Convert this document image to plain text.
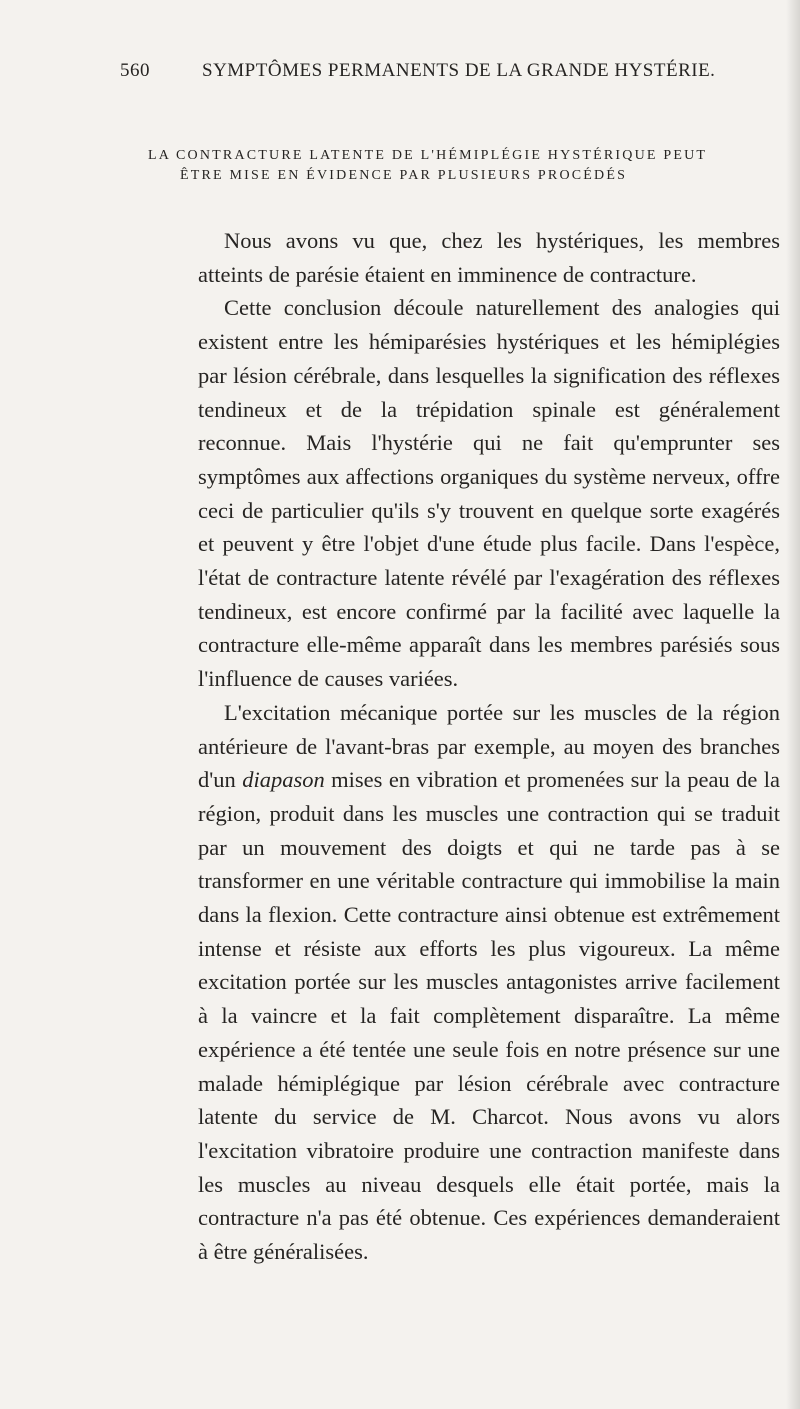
560	SYMPTÔMES PERMANENTS DE LA GRANDE HYSTÉRIE.
LA CONTRACTURE LATENTE DE L'HÉMIPLÉGIE HYSTÉRIQUE PEUT
ÊTRE MISE EN ÉVIDENCE PAR PLUSIEURS PROCÉDÉS

Nous avons vu que, chez les hystériques, les membres atteints de parésie étaient en imminence de contracture.

Cette conclusion découle naturellement des analogies qui existent entre les hémiparésies hystériques et les hémiplégies par lésion cérébrale, dans lesquelles la signification des réflexes tendineux et de la trépidation spinale est généralement reconnue. Mais l'hystérie qui ne fait qu'emprunter ses symptômes aux affections organiques du système nerveux, offre ceci de particulier qu'ils s'y trouvent en quelque sorte exagérés et peuvent y être l'objet d'une étude plus facile. Dans l'espèce, l'état de contracture latente révélé par l'exagération des réflexes tendineux, est encore confirmé par la facilité avec laquelle la contracture elle-même apparaît dans les membres parésiés sous l'influence de causes variées.

L'excitation mécanique portée sur les muscles de la région antérieure de l'avant-bras par exemple, au moyen des branches d'un diapason mises en vibration et promenées sur la peau de la région, produit dans les muscles une contraction qui se traduit par un mouvement des doigts et qui ne tarde pas à se transformer en une véritable contracture qui immobilise la main dans la flexion. Cette contracture ainsi obtenue est extrêmement intense et résiste aux efforts les plus vigoureux. La même excitation portée sur les muscles antagonistes arrive facilement à la vaincre et la fait complètement disparaître. La même expérience a été tentée une seule fois en notre présence sur une malade hémiplégique par lésion cérébrale avec contracture latente du service de M. Charcot. Nous avons vu alors l'excitation vibratoire produire une contraction manifeste dans les muscles au niveau desquels elle était portée, mais la contracture n'a pas été obtenue. Ces expériences demanderaient à être généralisées.
